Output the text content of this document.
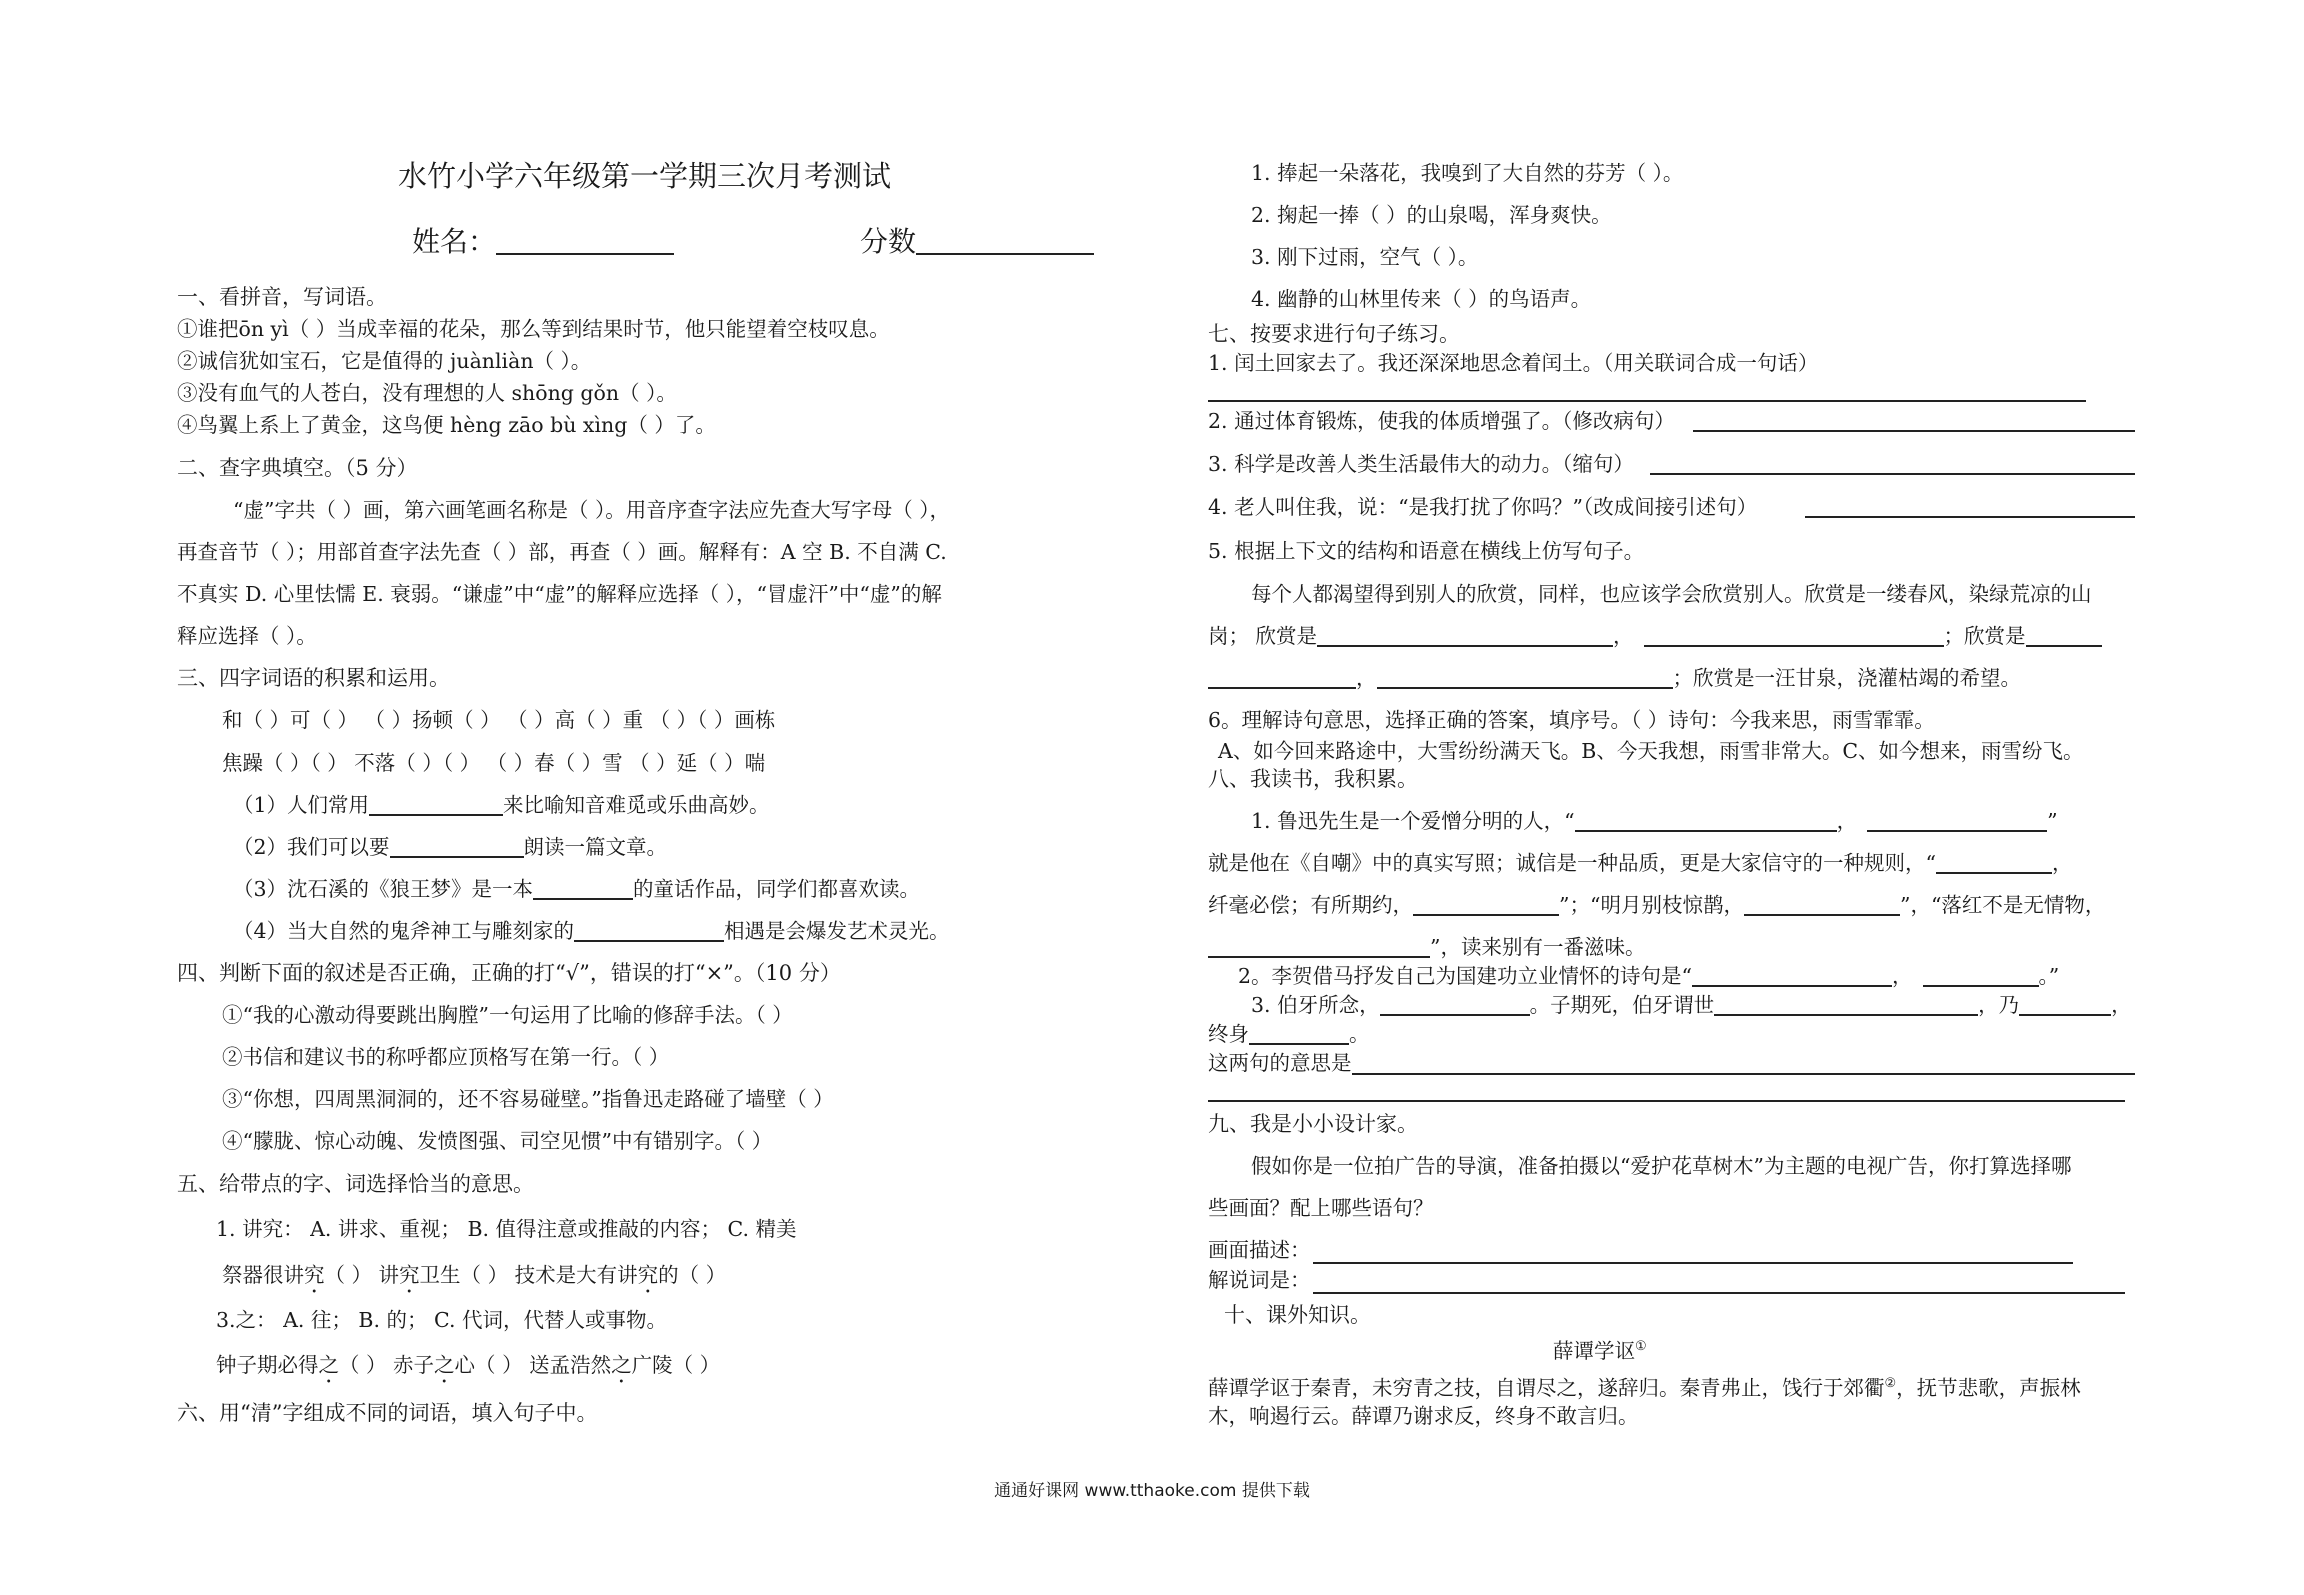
水竹小学六年级第一学期三次月考测试
姓名：	分数
一、看拼音，写词语。
①谁把ōn yì（ ）当成幸福的花朵，那么等到结果时节，他只能望着空枝叹息。
②诚信犹如宝石，它是值得的 juànliàn（ ）。
③没有血气的人苍白，没有理想的人 shōng gǒn（ ）。
④鸟翼上系上了黄金，这鸟便 hèng zāo bù xìng（ ）了。
二、查字典填空。（5 分）
“虚”字共（ ）画，第六画笔画名称是（ ）。用音序查字法应先查大写字母（ ），
再查音节（ ）；用部首查字法先查（ ）部，再查（ ）画。解释有：A 空 B. 不自满 C.
不真实 D. 心里怯懦 E. 衰弱。“谦虚”中“虚”的解释应选择（ ），“冒虚汗”中“虚”的解
释应选择（ ）。
三、四字词语的积累和运用。
和（ ）可（ ） （ ）扬顿（ ） （ ）高（ ）重 （ ）（ ）画栋
焦躁（ ）（ ） 不落（ ）（ ） （ ）春（ ）雪 （ ）延（ ）喘
（1）人们常用	来比喻知音难觅或乐曲高妙。
（2）我们可以要	朗读一篇文章。
（3）沈石溪的《狼王梦》是一本	的童话作品，同学们都喜欢读。
（4）当大自然的鬼斧神工与雕刻家的	相遇是会爆发艺术灵光。
四、判断下面的叙述是否正确，正确的打“√”，错误的打“×”。（10 分）
①“我的心激动得要跳出胸膛”一句运用了比喻的修辞手法。（ ）
②书信和建议书的称呼都应顶格写在第一行。（ ）
③“你想，四周黑洞洞的，还不容易碰壁。”指鲁迅走路碰了墙壁（ ）
④“朦胧、惊心动魄、发愤图强、司空见惯”中有错别字。（ ）
五、给带点的字、词选择恰当的意思。
1. 讲究： A. 讲求、重视； B. 值得注意或推敲的内容； C. 精美
祭器很讲究（ ） 讲究卫生（ ） 技术是大有讲究的（ ）
3.之： A. 往； B. 的； C. 代词，代替人或事物。
钟子期必得之（ ） 赤子之心（ ） 送孟浩然之广陵（ ）
六、用“清”字组成不同的词语，填入句子中。
1. 捧起一朵落花，我嗅到了大自然的芬芳（ ）。
2. 掬起一捧（ ）的山泉喝，浑身爽快。
3. 刚下过雨，空气（ ）。
4. 幽静的山林里传来（ ）的鸟语声。
七、按要求进行句子练习。
1. 闰土回家去了。我还深深地思念着闰土。（用关联词合成一句话）
2. 通过体育锻炼，使我的体质增强了。（修改病句）
3. 科学是改善人类生活最伟大的动力。（缩句）
4. 老人叫住我，说：“是我打扰了你吗？”（改成间接引述句）
5. 根据上下文的结构和语意在横线上仿写句子。
每个人都渴望得到别人的欣赏，同样，也应该学会欣赏别人。欣赏是一缕春风，染绿荒凉的山
岗； 欣赏是	，	；欣赏是
，	；欣赏是一汪甘泉，浇灌枯竭的希望。
6。理解诗句意思，选择正确的答案，填序号。（ ）诗句：今我来思，雨雪霏霏。
A、如今回来路途中，大雪纷纷满天飞。B、今天我想，雨雪非常大。C、如今想来，雨雪纷飞。
八、我读书，我积累。
1. 鲁迅先生是一个爱憎分明的人，“	，	”
就是他在《自嘲》中的真实写照；诚信是一种品质，更是大家信守的一种规则，“	，
纤毫必偿；有所期约，	”；“明月别枝惊鹊，	”，“落红不是无情物，
”，读来别有一番滋味。
2。李贺借马抒发自己为国建功立业情怀的诗句是“	，	。”
3. 伯牙所念，	。子期死，伯牙谓世	，乃	，
终身	。
这两句的意思是
九、我是小小设计家。
假如你是一位拍广告的导演，准备拍摄以“爱护花草树木”为主题的电视广告，你打算选择哪
些画面？配上哪些语句？
画面描述：
解说词是：
十、课外知识。
薛谭学讴①
薛谭学讴于秦青，未穷青之技，自谓尽之，遂辞归。秦青弗止，饯行于郊衢②，抚节悲歌，声振林
木，响遏行云。薛谭乃谢求反，终身不敢言归。
通通好课网 www.tthaoke.com 提供下载
